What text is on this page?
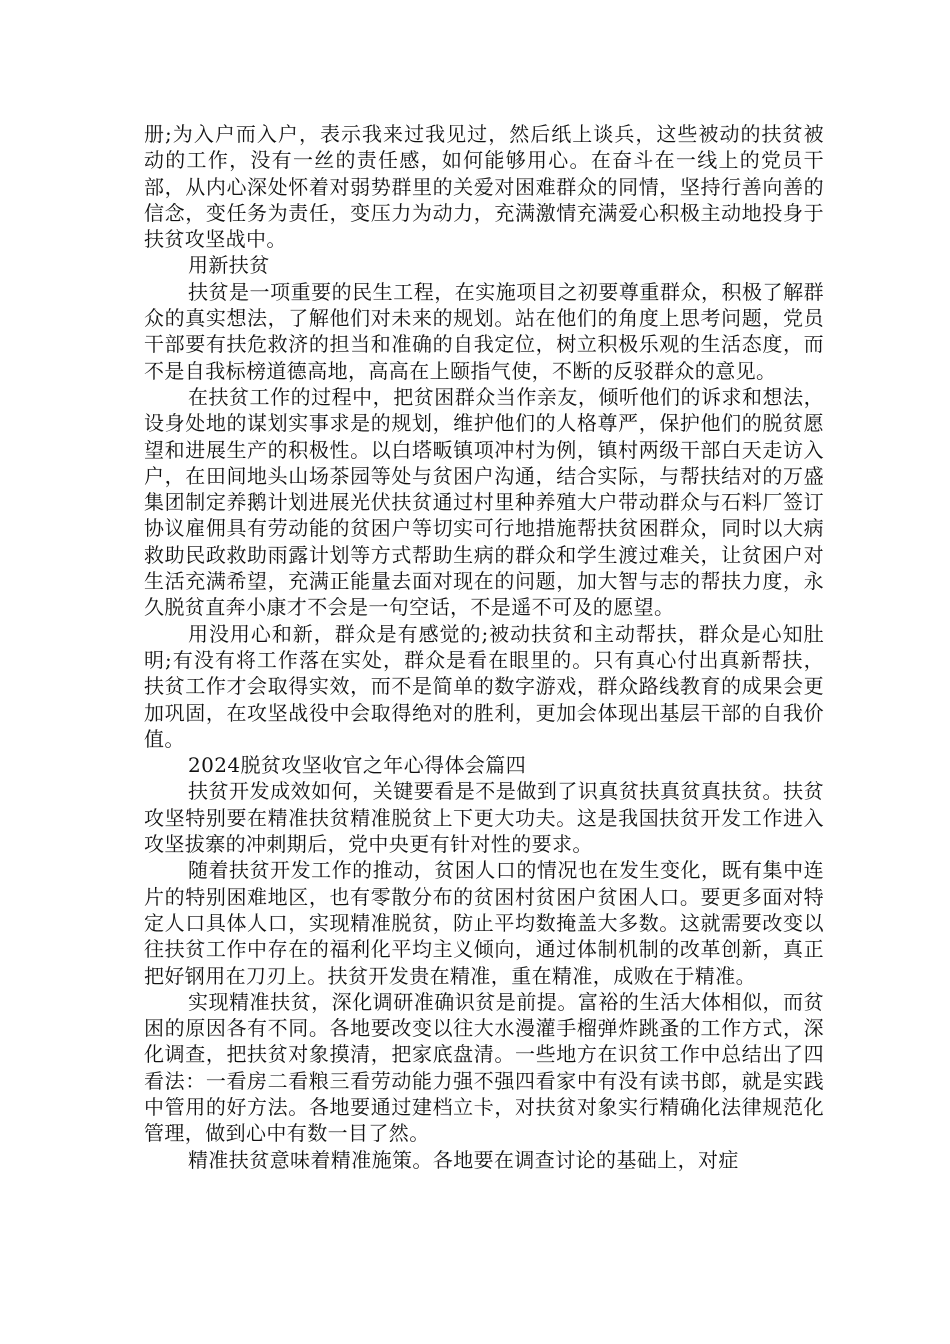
册;为入户而入户，表示我来过我见过，然后纸上谈兵，这些被动的扶贫被动的工作，没有一丝的责任感，如何能够用心。在奋斗在一线上的党员干部，从内心深处怀着对弱势群里的关爱对困难群众的同情，坚持行善向善的信念，变任务为责任，变压力为动力，充满激情充满爱心积极主动地投身于扶贫攻坚战中。

用新扶贫

扶贫是一项重要的民生工程，在实施项目之初要尊重群众，积极了解群众的真实想法，了解他们对未来的规划。站在他们的角度上思考问题，党员干部要有扶危救济的担当和准确的自我定位，树立积极乐观的生活态度，而不是自我标榜道德高地，高高在上颐指气使，不断的反驳群众的意见。

在扶贫工作的过程中，把贫困群众当作亲友，倾听他们的诉求和想法，设身处地的谋划实事求是的规划，维护他们的人格尊严，保护他们的脱贫愿望和进展生产的积极性。以白塔畈镇项冲村为例，镇村两级干部白天走访入户，在田间地头山场茶园等处与贫困户沟通，结合实际，与帮扶结对的万盛集团制定养鹅计划进展光伏扶贫通过村里种养殖大户带动群众与石料厂签订协议雇佣具有劳动能的贫困户等切实可行地措施帮扶贫困群众，同时以大病救助民政救助雨露计划等方式帮助生病的群众和学生渡过难关，让贫困户对生活充满希望，充满正能量去面对现在的问题，加大智与志的帮扶力度，永久脱贫直奔小康才不会是一句空话，不是遥不可及的愿望。

用没用心和新，群众是有感觉的;被动扶贫和主动帮扶，群众是心知肚明;有没有将工作落在实处，群众是看在眼里的。只有真心付出真新帮扶，扶贫工作才会取得实效，而不是简单的数字游戏，群众路线教育的成果会更加巩固，在攻坚战役中会取得绝对的胜利，更加会体现出基层干部的自我价值。

2024脱贫攻坚收官之年心得体会篇四

扶贫开发成效如何，关键要看是不是做到了识真贫扶真贫真扶贫。扶贫攻坚特别要在精准扶贫精准脱贫上下更大功夫。这是我国扶贫开发工作进入攻坚拔寨的冲刺期后，党中央更有针对性的要求。

随着扶贫开发工作的推动，贫困人口的情况也在发生变化，既有集中连片的特别困难地区，也有零散分布的贫困村贫困户贫困人口。要更多面对特定人口具体人口，实现精准脱贫，防止平均数掩盖大多数。这就需要改变以往扶贫工作中存在的福利化平均主义倾向，通过体制机制的改革创新，真正把好钢用在刀刃上。扶贫开发贵在精准，重在精准，成败在于精准。

实现精准扶贫，深化调研准确识贫是前提。富裕的生活大体相似，而贫困的原因各有不同。各地要改变以往大水漫灌手榴弹炸跳蚤的工作方式，深化调查，把扶贫对象摸清，把家底盘清。一些地方在识贫工作中总结出了四看法：一看房二看粮三看劳动能力强不强四看家中有没有读书郎，就是实践中管用的好方法。各地要通过建档立卡，对扶贫对象实行精确化法律规范化管理，做到心中有数一目了然。

精准扶贫意味着精准施策。各地要在调查讨论的基础上，对症
